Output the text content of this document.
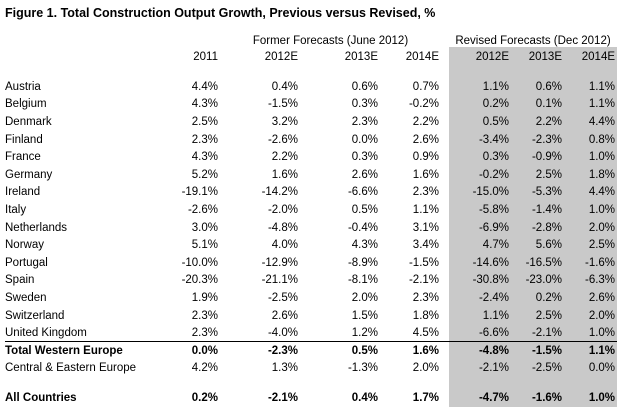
Figure 1. Total Construction Output Growth, Previous versus Revised, %
		Former Forecasts (June 2012)				Revised Forecasts (Dec 2012)		
	2011	2012E	2013E	2014E		2012E	2013E	2014E

Austria	4.4%	0.4%	0.6%	0.7%		1.1%	0.6%	1.1%
Belgium	4.3%	-1.5%	0.3%	-0.2%		0.2%	0.1%	1.1%
Denmark	2.5%	3.2%	2.3%	2.2%		0.5%	2.2%	4.4%
Finland	2.3%	-2.6%	0.0%	2.6%		-3.4%	-2.3%	0.8%
France	4.3%	2.2%	0.3%	0.9%		0.3%	-0.9%	1.0%
Germany	5.2%	1.6%	2.6%	1.6%		-0.2%	2.5%	1.8%
Ireland	-19.1%	-14.2%	-6.6%	2.3%		-15.0%	-5.3%	4.4%
Italy	-2.6%	-2.0%	0.5%	1.1%		-5.8%	-1.4%	1.0%
Netherlands	3.0%	-4.8%	-0.4%	3.1%		-6.9%	-2.8%	2.0%
Norway	5.1%	4.0%	4.3%	3.4%		4.7%	5.6%	2.5%
Portugal	-10.0%	-12.9%	-8.9%	-1.5%		-14.6%	-16.5%	-1.6%
Spain	-20.3%	-21.1%	-8.1%	-2.1%		-30.8%	-23.0%	-6.3%
Sweden	1.9%	-2.5%	2.0%	2.3%		-2.4%	0.2%	2.6%
Switzerland	2.3%	2.6%	1.5%	1.8%		1.1%	2.5%	2.0%
United Kingdom	2.3%	-4.0%	1.2%	4.5%		-6.6%	-2.1%	1.0%
Total Western Europe	0.0%	-2.3%	0.5%	1.6%		-4.8%	-1.5%	1.1%
Central & Eastern Europe	4.2%	1.3%	-1.3%	2.0%		-2.1%	-2.5%	0.0%

All Countries	0.2%	-2.1%	0.4%	1.7%		-4.7%	-1.6%	1.0%
